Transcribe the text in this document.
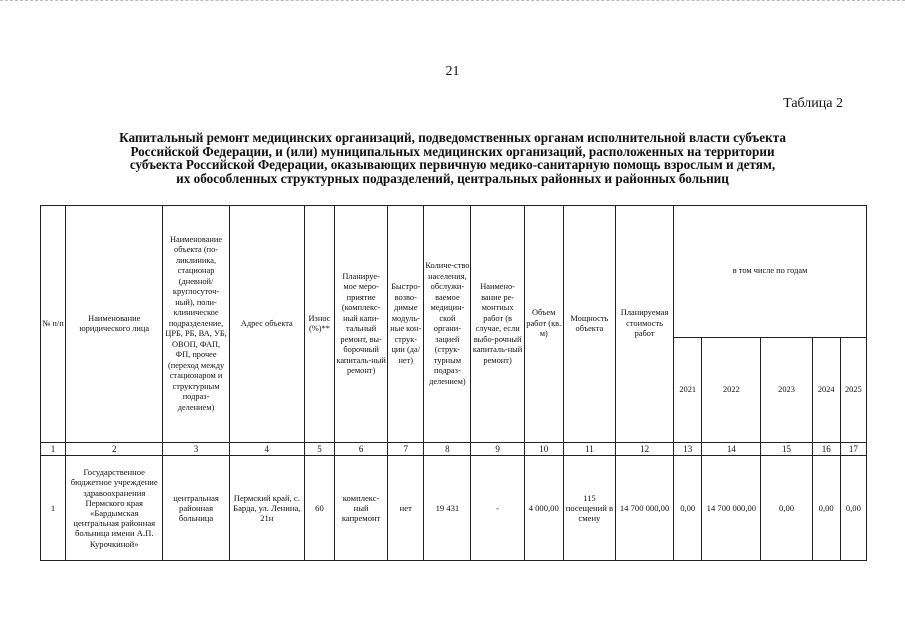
21
Таблица 2
Капитальный ремонт медицинских организаций, подведомственных органам исполнительной власти субъекта
Российской Федерации, и (или) муниципальных медицинских организаций, расположенных на территории
субъекта Российской Федерации, оказывающих первичную медико-санитарную помощь взрослым и детям,
их обособленных структурных подразделений, центральных районных и районных больниц
№ п/п	Наименование юридического лица	Наименование объекта (по-ликлиника, стационар (дневной/ круглосуточ-ный), поли-клиническое подразделение, ЦРБ, РБ, ВА, УБ, ОВОП, ФАП, ФП, прочее (переход между стационаром и структурным подраз-делением)	Адрес объекта	Износ (%)**	Планируе-мое меро-приятие (комплекс-ный капи-тальный ремонт, вы-борочный капиталь-ный ремонт)	Быстро-возво-димые модуль-ные кон-струк-ции (да/нет)	Количе-ство населения, обслужи-ваемое медицин-ской органи-зацией (струк-турным подраз-делением)	Наимено-вание ре-монтных работ (в случае, если выбо-рочный капиталь-ный ремонт)	Объем работ (кв. м)	Мощность объекта	Планируемая стоимость работ	в том числе по годам				
												2021	2022	2023	2024	2025
1	2	3	4	5	6	7	8	9	10	11	12	13	14	15	16	17
1	Государственное бюджетное учреждение здравоохранения Пермского края «Бардымская центральная районная больница имени А.П. Курочкиной»	центральная районная больница	Пермский край, с. Барда, ул. Ленина, 21н	60	комплекс-ный капремонт	нет	19 431	-	4 000,00	115 посещений в смену	14 700 000,00	0,00	14 700 000,00	0,00	0,00	0,00
